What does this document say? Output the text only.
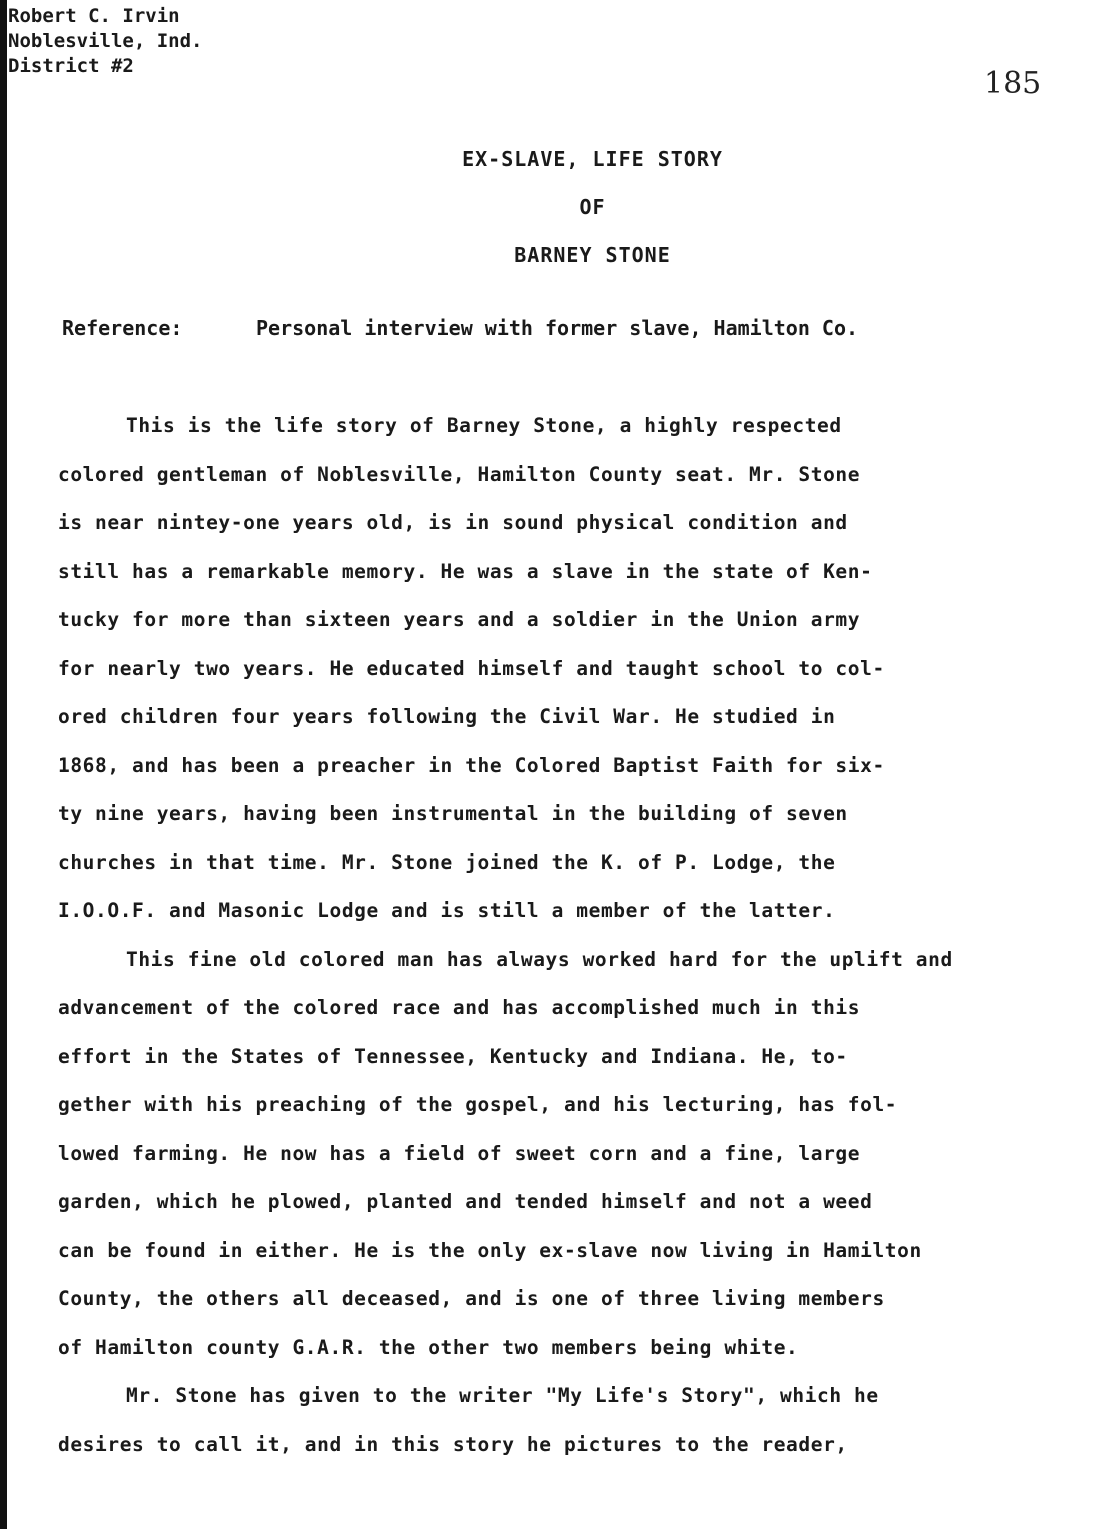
Robert C. Irvin
Noblesville, Ind.
District #2	185
EX-SLAVE, LIFE STORY
OF
BARNEY STONE
Reference:	Personal interview with former slave, Hamilton Co.
This is the life story of Barney Stone, a highly respected
colored gentleman of Noblesville, Hamilton County seat. Mr. Stone
is near nintey-one years old, is in sound physical condition and
still has a remarkable memory. He was a slave in the state of Ken-
tucky for more than sixteen years and a soldier in the Union army
for nearly two years. He educated himself and taught school to col-
ored children four years following the Civil War. He studied in
1868, and has been a preacher in the Colored Baptist Faith for six-
ty nine years, having been instrumental in the building of seven
churches in that time. Mr. Stone joined the K. of P. Lodge, the
I.O.O.F. and Masonic Lodge and is still a member of the latter.
This fine old colored man has always worked hard for the uplift and
advancement of the colored race and has accomplished much in this
effort in the States of Tennessee, Kentucky and Indiana. He, to-
gether with his preaching of the gospel, and his lecturing, has fol-
lowed farming. He now has a field of sweet corn and a fine, large
garden, which he plowed, planted and tended himself and not a weed
can be found in either. He is the only ex-slave now living in Hamilton
County, the others all deceased, and is one of three living members
of Hamilton county G.A.R. the other two members being white.
Mr. Stone has given to the writer "My Life's Story", which he
desires to call it, and in this story he pictures to the reader,
